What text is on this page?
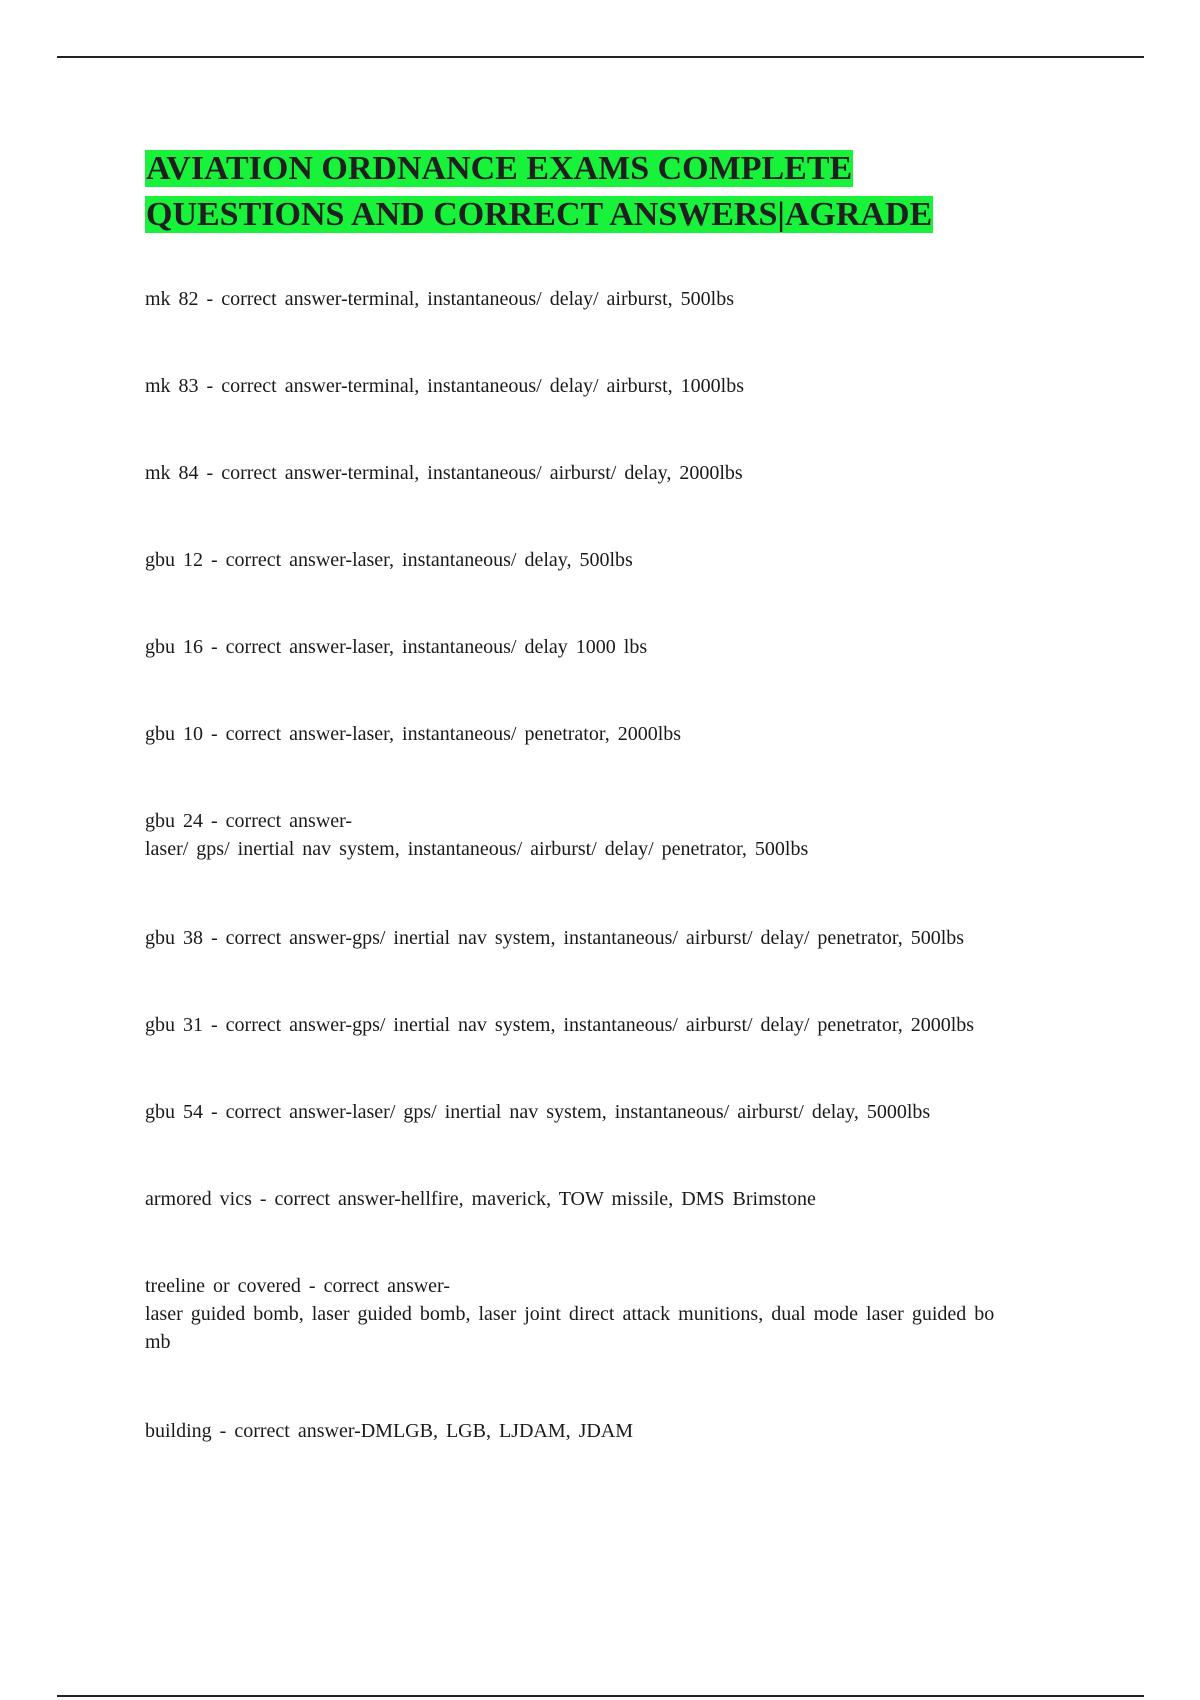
AVIATION ORDNANCE EXAMS COMPLETE
QUESTIONS AND CORRECT ANSWERS|AGRADE
mk 82 - correct answer-terminal, instantaneous/ delay/ airburst, 500lbs
mk 83 - correct answer-terminal, instantaneous/ delay/ airburst, 1000lbs
mk 84 - correct answer-terminal, instantaneous/ airburst/ delay, 2000lbs
gbu 12 - correct answer-laser, instantaneous/ delay, 500lbs
gbu 16 - correct answer-laser, instantaneous/ delay 1000 lbs
gbu 10 - correct answer-laser, instantaneous/ penetrator, 2000lbs
gbu 24 - correct answer-
laser/ gps/ inertial nav system, instantaneous/ airburst/ delay/ penetrator, 500lbs
gbu 38 - correct answer-gps/ inertial nav system, instantaneous/ airburst/ delay/ penetrator, 500lbs
gbu 31 - correct answer-gps/ inertial nav system, instantaneous/ airburst/ delay/ penetrator, 2000lbs
gbu 54 - correct answer-laser/ gps/ inertial nav system, instantaneous/ airburst/ delay, 5000lbs
armored vics - correct answer-hellfire, maverick, TOW missile, DMS Brimstone
treeline or covered - correct answer-
laser guided bomb, laser guided bomb, laser joint direct attack munitions, dual mode laser guided bo
mb
building - correct answer-DMLGB, LGB, LJDAM, JDAM
